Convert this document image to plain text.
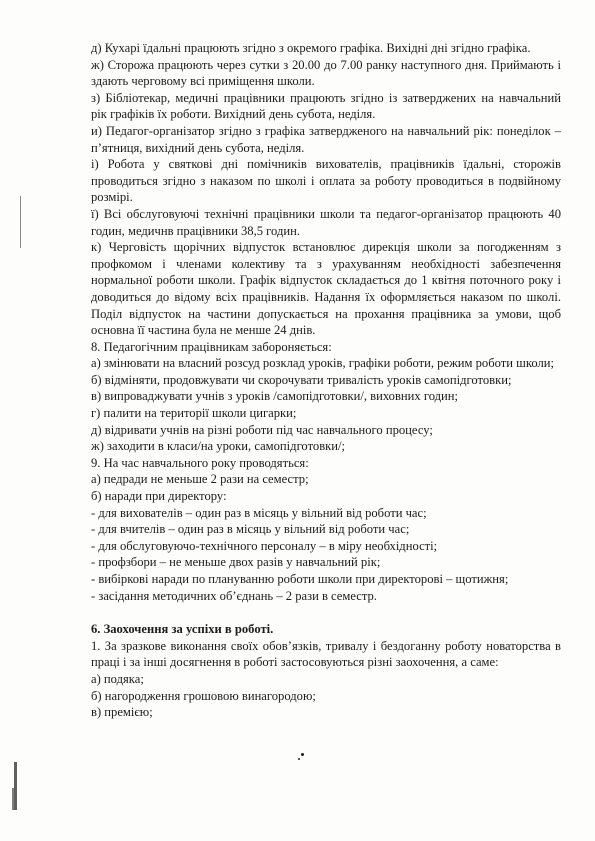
д) Кухарі їдальні працюють згідно з окремого графіка. Вихідні дні згідно графіка.

ж) Сторожа працюють через сутки з 20.00 до 7.00 ранку наступного дня. Приймають і здають черговому всі приміщення школи.

з) Бібліотекар, медичні працівники працюють згідно із затверджених на навчальний рік графіків їх роботи. Вихідний день субота, неділя.

и) Педагог-організатор згідно з графіка затвердженого на навчальний рік: понеділок – п’ятниця, вихідний день субота, неділя.

і) Робота у святкові дні помічників вихователів, працівників їдальні, сторожів проводиться згідно з наказом по школі і оплата за роботу проводиться в подвійному розмірі.

ї) Всі обслуговуючі технічні працівники школи та педагог-організатор працюють 40 годин, медичнв працівники 38,5 годин.

к) Черговість щорічних відпусток встановлює дирекція школи за погодженням з профкомом і членами колективу та з урахуванням необхідності забезпечення нормальної роботи школи. Графік відпусток складається до 1 квітня поточного року і доводиться до відому всіх працівників. Надання їх оформляється наказом по школі. Поділ відпусток на частини допускається на прохання працівника за умови, щоб основна її частина була не менше 24 днів.

8. Педагогічним працівникам забороняється:

а) змінювати на власний розсуд розклад уроків, графіки роботи, режим роботи школи;

б) відміняти, продовжувати чи скорочувати тривалість уроків самопідготовки;

в) випроваджувати учнів з уроків /самопідготовки/, виховних годин;

г) палити на території школи цигарки;

д) відривати учнів на різні роботи під час навчального процесу;

ж) заходити в класи/на уроки, самопідготовки/;

9. На час навчального року проводяться:

а) педради не меньше 2 рази на семестр;

б) наради при директору:

- для вихователів – один раз в місяць у вільний від роботи час;

- для вчителів – один раз в місяць у вільний від роботи час;

- для обслуговуючо-технічного персоналу – в міру необхідності;

- профзбори – не меньше двох разів у навчальний рік;

- вибіркові наради по плануванню роботи школи при директорові – щотижня;

- засідання методичних об’єднань – 2 рази в семестр.

6. Заохочення за успіхи в роботі.

1. За зразкове виконання своїх обов’язків, тривалу і бездоганну роботу новаторства в праці і за інші досягнення в роботі застосовуються різні заохочення, а саме:

а) подяка;

б) нагородження грошовою винагородою;

в) премією;
